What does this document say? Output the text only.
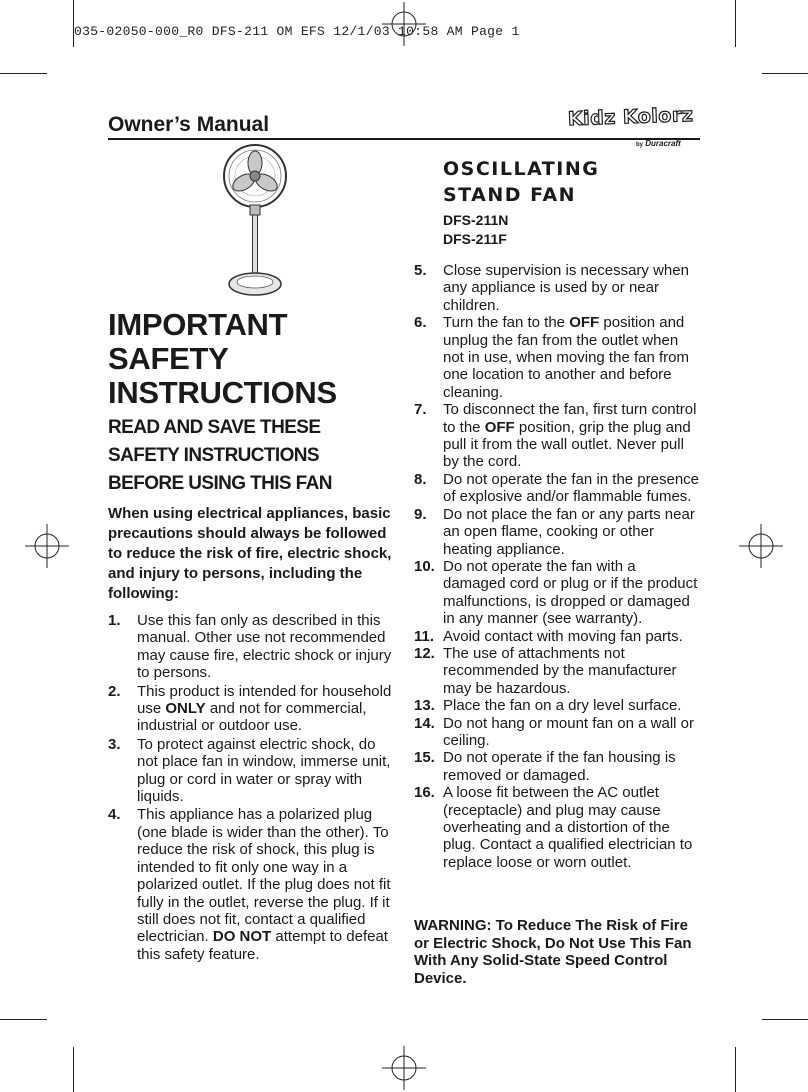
035-02050-000_R0 DFS-211 OM EFS 12/1/03 10:58 AM Page 1
Owner’s Manual	Kidz Kolorz
by Duracraft
OSCILLATING
STAND FAN
DFS-211N
DFS-211F
IMPORTANT
SAFETY
INSTRUCTIONS
READ AND SAVE THESE
SAFETY INSTRUCTIONS
BEFORE USING THIS FAN
When using electrical appliances, basic precautions should always be followed to reduce the risk of fire, electric shock, and injury to persons, including the following:
1. Use this fan only as described in this manual. Other use not recommended may cause fire, electric shock or injury to persons.
2. This product is intended for household use ONLY and not for commercial, industrial or outdoor use.
3. To protect against electric shock, do not place fan in window, immerse unit, plug or cord in water or spray with liquids.
4. This appliance has a polarized plug (one blade is wider than the other). To reduce the risk of shock, this plug is intended to fit only one way in a polarized outlet. If the plug does not fit fully in the outlet, reverse the plug. If it still does not fit, contact a qualified electrician. DO NOT attempt to defeat this safety feature.
5. Close supervision is necessary when any appliance is used by or near children.
6. Turn the fan to the OFF position and unplug the fan from the outlet when not in use, when moving the fan from one location to another and before cleaning.
7. To disconnect the fan, first turn control to the OFF position, grip the plug and pull it from the wall outlet. Never pull by the cord.
8. Do not operate the fan in the presence of explosive and/or flammable fumes.
9. Do not place the fan or any parts near an open flame, cooking or other heating appliance.
10. Do not operate the fan with a damaged cord or plug or if the product malfunctions, is dropped or damaged in any manner (see warranty).
11. Avoid contact with moving fan parts.
12. The use of attachments not recommended by the manufacturer may be hazardous.
13. Place the fan on a dry level surface.
14. Do not hang or mount fan on a wall or ceiling.
15. Do not operate if the fan housing is removed or damaged.
16. A loose fit between the AC outlet (receptacle) and plug may cause overheating and a distortion of the plug. Contact a qualified electrician to replace loose or worn outlet.
WARNING: To Reduce The Risk of Fire or Electric Shock, Do Not Use This Fan With Any Solid-State Speed Control Device.
